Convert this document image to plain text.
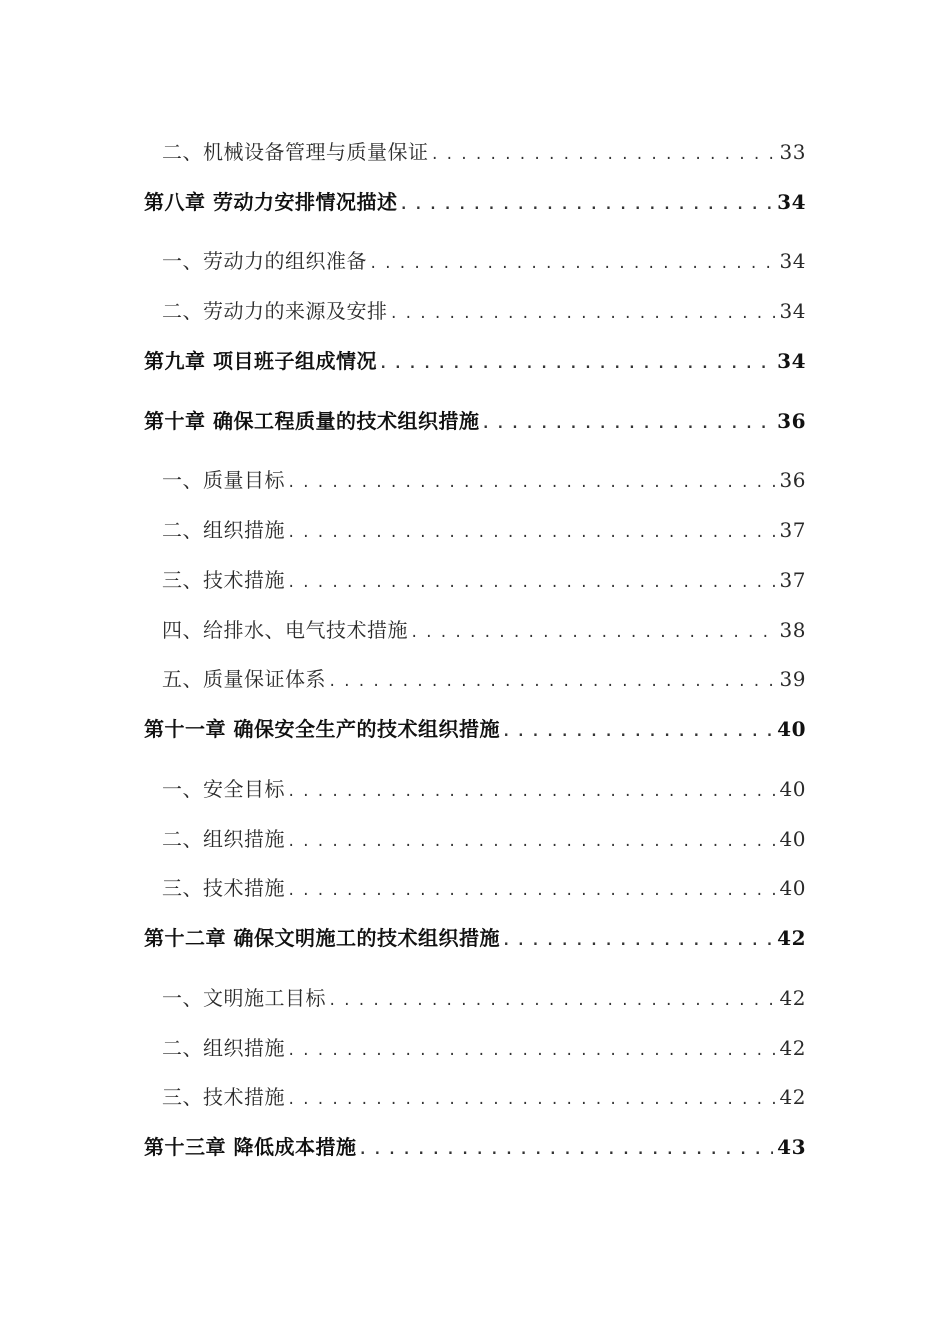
二、机械设备管理与质量保证 .....	33
第八章 劳动力安排情况描述 .....	34
一、劳动力的组织准备 .....	34
二、劳动力的来源及安排 .....	34
第九章 项目班子组成情况 .....	34
第十章 确保工程质量的技术组织措施 .....	36
一、质量目标 .....	36
二、组织措施 .....	37
三、技术措施 .....	37
四、给排水、电气技术措施 .....	38
五、质量保证体系 .....	39
第十一章 确保安全生产的技术组织措施 .....	40
一、安全目标 .....	40
二、组织措施 .....	40
三、技术措施 .....	40
第十二章 确保文明施工的技术组织措施 .....	42
一、文明施工目标 .....	42
二、组织措施 .....	42
三、技术措施 .....	42
第十三章 降低成本措施 .....	43
